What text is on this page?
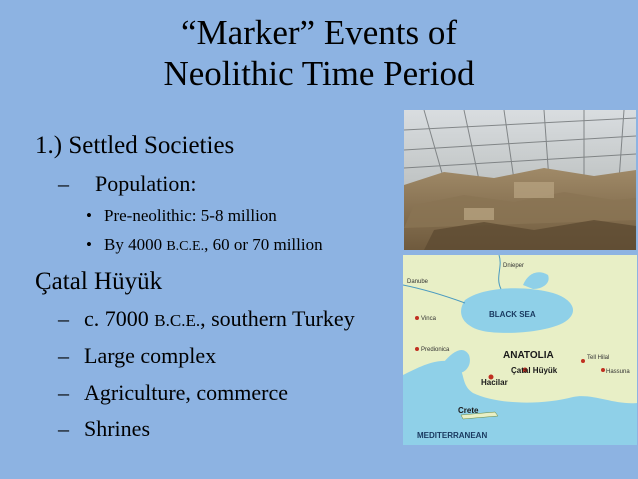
“Marker” Events of
Neolithic Time Period
1.) Settled Societies
– Population:
• Pre-neolithic: 5-8 million
• By 4000 B.C.E., 60 or 70 million
Çatal Hüyük
– c. 7000 B.C.E., southern Turkey
– Large complex
– Agriculture, commerce
– Shrines
BLACK SEA
ANATOLIA
Çatal Hüyük
Hacilar
Crete
MEDITERRANEAN
Dnieper
Danube
Vinca
Predionica
Tell Hilal
Hassuna
